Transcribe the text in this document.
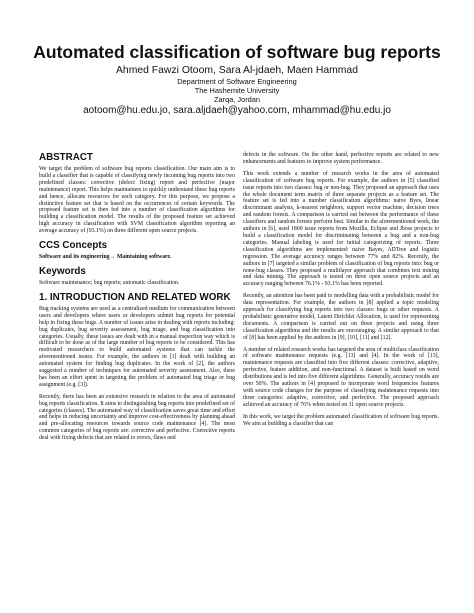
Automated classification of software bug reports
Ahmed Fawzi Otoom, Sara Al-jdaeh, Maen Hammad
Department of Software Engineering
The Hashemite University
Zarqa, Jordan
aotoom@hu.edu.jo, sara.aljdaeh@yahoo.com, mhammad@hu.edu.jo
ABSTRACT

We target the problem of software bug reports classification. Our main aim is to build a classifier that is capable of classifying newly incoming bug reports into two predefined classes: corrective (defect fixing) report and perfective (major maintenance) report. This helps maintainers to quickly understand these bug reports and hence, allocate resources for each category. For this purpose, we propose a distinctive feature set that is based on the occurrences of certain keywords. The proposed feature set is then fed into a number of classification algorithms for building a classification model. The results of the proposed feature set achieved high accuracy in classification with SVM classification algorithm reporting an average accuracy of (93.1%) on three different open source projects.

CCS Concepts

Software and its engineering→ Maintaining software.

Keywords

Software maintenance; bug reports; automatic classification.

1. INTRODUCTION AND RELATED WORK

Bug tracking systems are used as a centralized medium for communication between users and developers where users or developers submit bug reports for potential help in fixing these bugs. A number of issues arise in dealing with reports including: bug duplicates, bug severity assessment, bug triage, and bug classification into categories. Usually, these issues are dealt with in a manual inspection way which is difficult to be done as of the large number of bug reports to be considered. This has motivated researchers to build automated systems that can tackle the aforementioned issues. For example, the authors in [1] dealt with building an automated system for finding bug duplicates. In the work of [2], the authors suggested a number of techniques for automated severity assessment. Also, there has been an effort spent in targeting the problem of automated bug triage or bug assignment (e.g. [3]).

Recently, there has been an extensive research in relation to the area of automated bug reports classification. It aims to distinguishing bug reports into predefined set of categories (classes). The automated way of classification saves great time and effort and helps in reducing uncertainty and improve cost-effectiveness by planning ahead and pre-allocating resources towards source code maintenance [4]. The most common categories of bug reports are: corrective and perfective. Corrective reports deal with fixing defects that are related to errors, flaws and

defects in the software. On the other hand, perfective reports are related to new enhancements and features to improve system performance.

This work extends a number of research works in the area of automated classification of software bug reports. For example, the authors in [5] classified issue reports into two classes: bug or non-bug. They proposed an approach that uses the whole document term matrix of three separate projects as a feature set. The feature set is fed into a number classification algorithms: naive Byes, linear discriminant analysis, k-nearest neighbors, support vector machine, decision trees and random forests. A comparison is carried out between the performance of these classifiers and random forests perform best. Similar to the aforementioned work, the authors in [6], used 1800 issue reports from Mozilla, Eclipse and Jboss projects to build a classification model for discriminating between a bug and a non-bug categories. Manual labeling is used for initial categorizing of reports. Three classification algorithms are implemented: naive Bayes, ADTree and logistic regression. The average accuracy ranges between 77% and 82%. Recently, the authors in [7] targeted a similar problem of classification of bug reports into: bug or none-bug classes. They proposed a multilayer approach that combines text mining and data mining. The approach is tested on three open source projects and an accuracy ranging between 76.1% - 93.1% has been reported.

Recently, an attention has been paid to modelling data with a probabilistic model for data representation. For example, the authors in [8] applied a topic modeling approach for classifying bug reports into two classes: bugs or other requests. A probabilistic generative model, Latent Dirichlet Allocation, is used for representing documents. A comparison is carried out on three projects and using three classification algorithms and the results are encouraging. A similar approach to that of [8] has been applied by the authors in [9], [10], [11] and [12].

A number of related research works has targeted the area of multiclass classification of software maintenance requests (e.g. [13] and [4]. In the work of [13], maintenance requests are classified into five different classes: corrective, adaptive, perfective, feature addition, and non-functional. A dataset is built based on word distributions and is fed into five different algorithms. Generally, accuracy results are over 50%. The authors in [4] proposed to incorporate word frequencies features with source code changes for the purpose of classifying maintenance requests into three categories: adaptive, corrective, and perfective. The proposed approach achieved an accuracy of 76% when tested on 11 open source projects.

In this work, we target the problem automated classification of software bug reports. We aim at building a classifier that can
